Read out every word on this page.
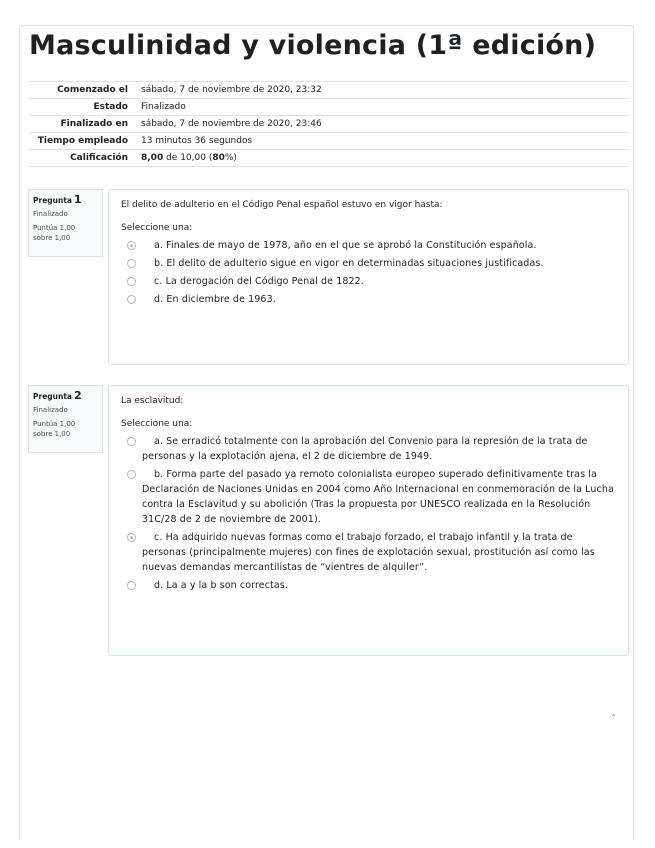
Masculinidad y violencia (1ª edición)
Comenzado el	sábado, 7 de noviembre de 2020, 23:32
Estado	Finalizado
Finalizado en	sábado, 7 de noviembre de 2020, 23:46
Tiempo empleado	13 minutos 36 segundos
Calificación	8,00 de 10,00 (80%)
Pregunta 1
Finalizado
Puntúa 1,00
sobre 1,00
El delito de adulterio en el Código Penal español estuvo en vigor hasta:
Seleccione una:
a. Finales de mayo de 1978, año en el que se aprobó la Constitución española.
b. El delito de adulterio sigue en vigor en determinadas situaciones justificadas.
c. La derogación del Código Penal de 1822.
d. En diciembre de 1963.
Pregunta 2
Finalizado
Puntúa 1,00
sobre 1,00
La esclavitud:
Seleccione una:
a. Se erradicó totalmente con la aprobación del Convenio para la represión de la trata de personas y la explotación ajena, el 2 de diciembre de 1949.
b. Forma parte del pasado ya remoto colonialista europeo superado definitivamente tras la Declaración de Naciones Unidas en 2004 como Año Internacional en conmemoración de la Lucha contra la Esclavitud y su abolición (Tras la propuesta por UNESCO realizada en la Resolución 31C/28 de 2 de noviembre de 2001).
c. Ha adquirido nuevas formas como el trabajo forzado, el trabajo infantil y la trata de personas (principalmente mujeres) con fines de explotación sexual, prostitución así como las nuevas demandas mercantilistas de “vientres de alquiler”.
d. La a y la b son correctas.
ˆ
